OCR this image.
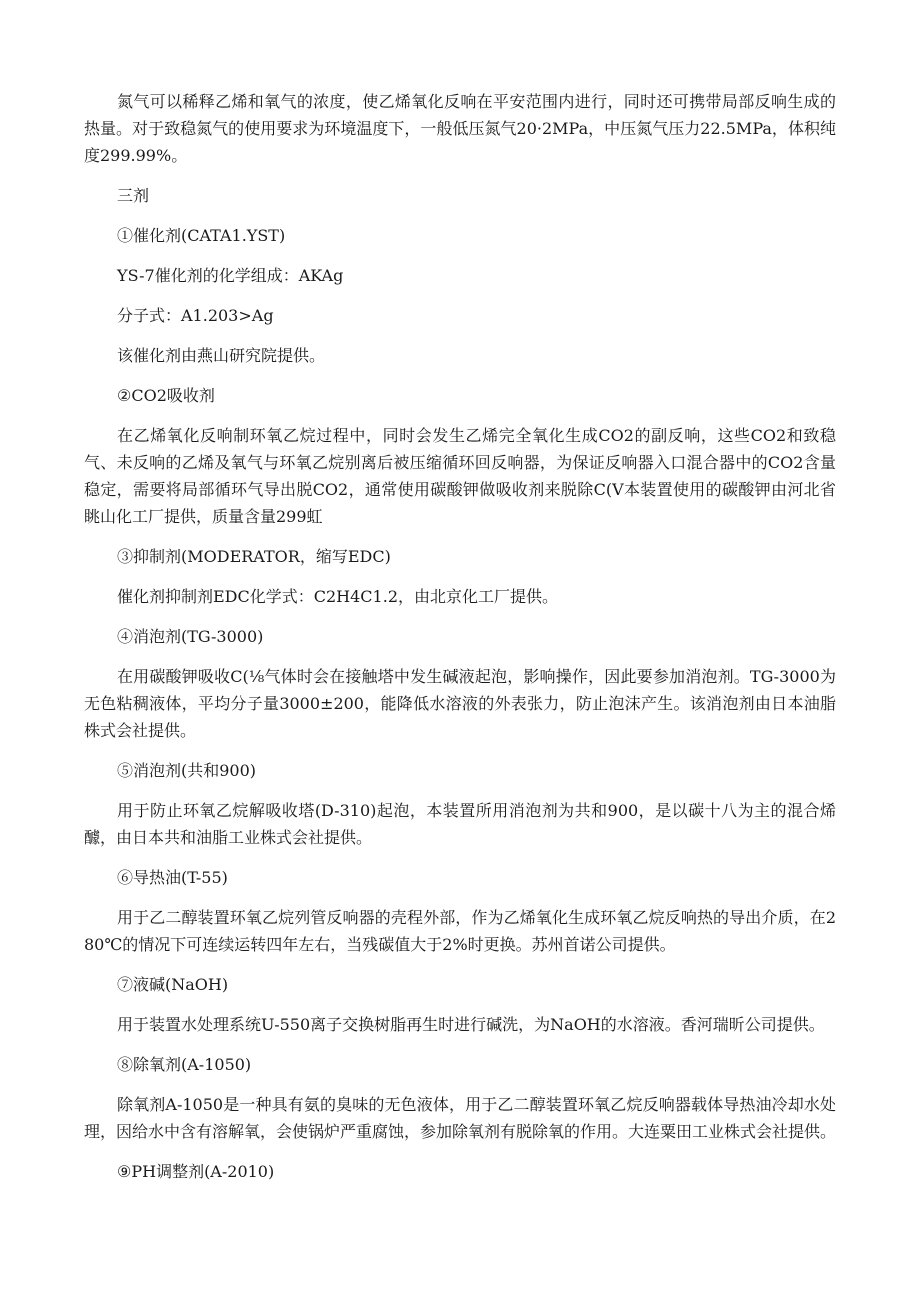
氮气可以稀释乙烯和氧气的浓度，使乙烯氧化反响在平安范围内进行，同时还可携带局部反响生成的热量。对于致稳氮气的使用要求为环境温度下，一般低压氮气20·2MPa，中压氮气压力22.5MPa，体积纯度299.99%。

三剂

①催化剂(CATA1.YST)

YS-7催化剂的化学组成：AKAg

分子式：A1.203>Ag

该催化剂由燕山研究院提供。

②CO2吸收剂

在乙烯氧化反响制环氧乙烷过程中，同时会发生乙烯完全氧化生成CO2的副反响，这些CO2和致稳气、未反响的乙烯及氧气与环氧乙烷别离后被压缩循环回反响器，为保证反响器入口混合器中的CO2含量稳定，需要将局部循环气导出脱CO2，通常使用碳酸钾做吸收剂来脱除C(V本装置使用的碳酸钾由河北省眺山化工厂提供，质量含量299虹

③抑制剂(MODERATOR，缩写EDC)

催化剂抑制剂EDC化学式：C2H4C1.2，由北京化工厂提供。

④消泡剂(TG-3000)

在用碳酸钾吸收C(⅛气体时会在接触塔中发生碱液起泡，影响操作，因此要参加消泡剂。TG-3000为无色粘稠液体，平均分子量3000±200，能降低水溶液的外表张力，防止泡沫产生。该消泡剂由日本油脂株式会社提供。

⑤消泡剂(共和900)

用于防止环氧乙烷解吸收塔(D-310)起泡，本装置所用消泡剂为共和900，是以碳十八为主的混合烯醵，由日本共和油脂工业株式会社提供。

⑥导热油(T-55)

用于乙二醇装置环氧乙烷列管反响器的壳程外部，作为乙烯氧化生成环氧乙烷反响热的导出介质，在280℃的情况下可连续运转四年左右，当残碳值大于2%时更换。苏州首诺公司提供。

⑦液碱(NaOH)

用于装置水处理系统U-550离子交换树脂再生时进行碱洗，为NaOH的水溶液。香河瑞昕公司提供。

⑧除氧剂(A-1050)

除氧剂A-1050是一种具有氨的臭味的无色液体，用于乙二醇装置环氧乙烷反响器载体导热油冷却水处理，因给水中含有溶解氧，会使锅炉严重腐蚀，参加除氧剂有脱除氧的作用。大连粟田工业株式会社提供。

⑨PH调整剂(A-2010)
